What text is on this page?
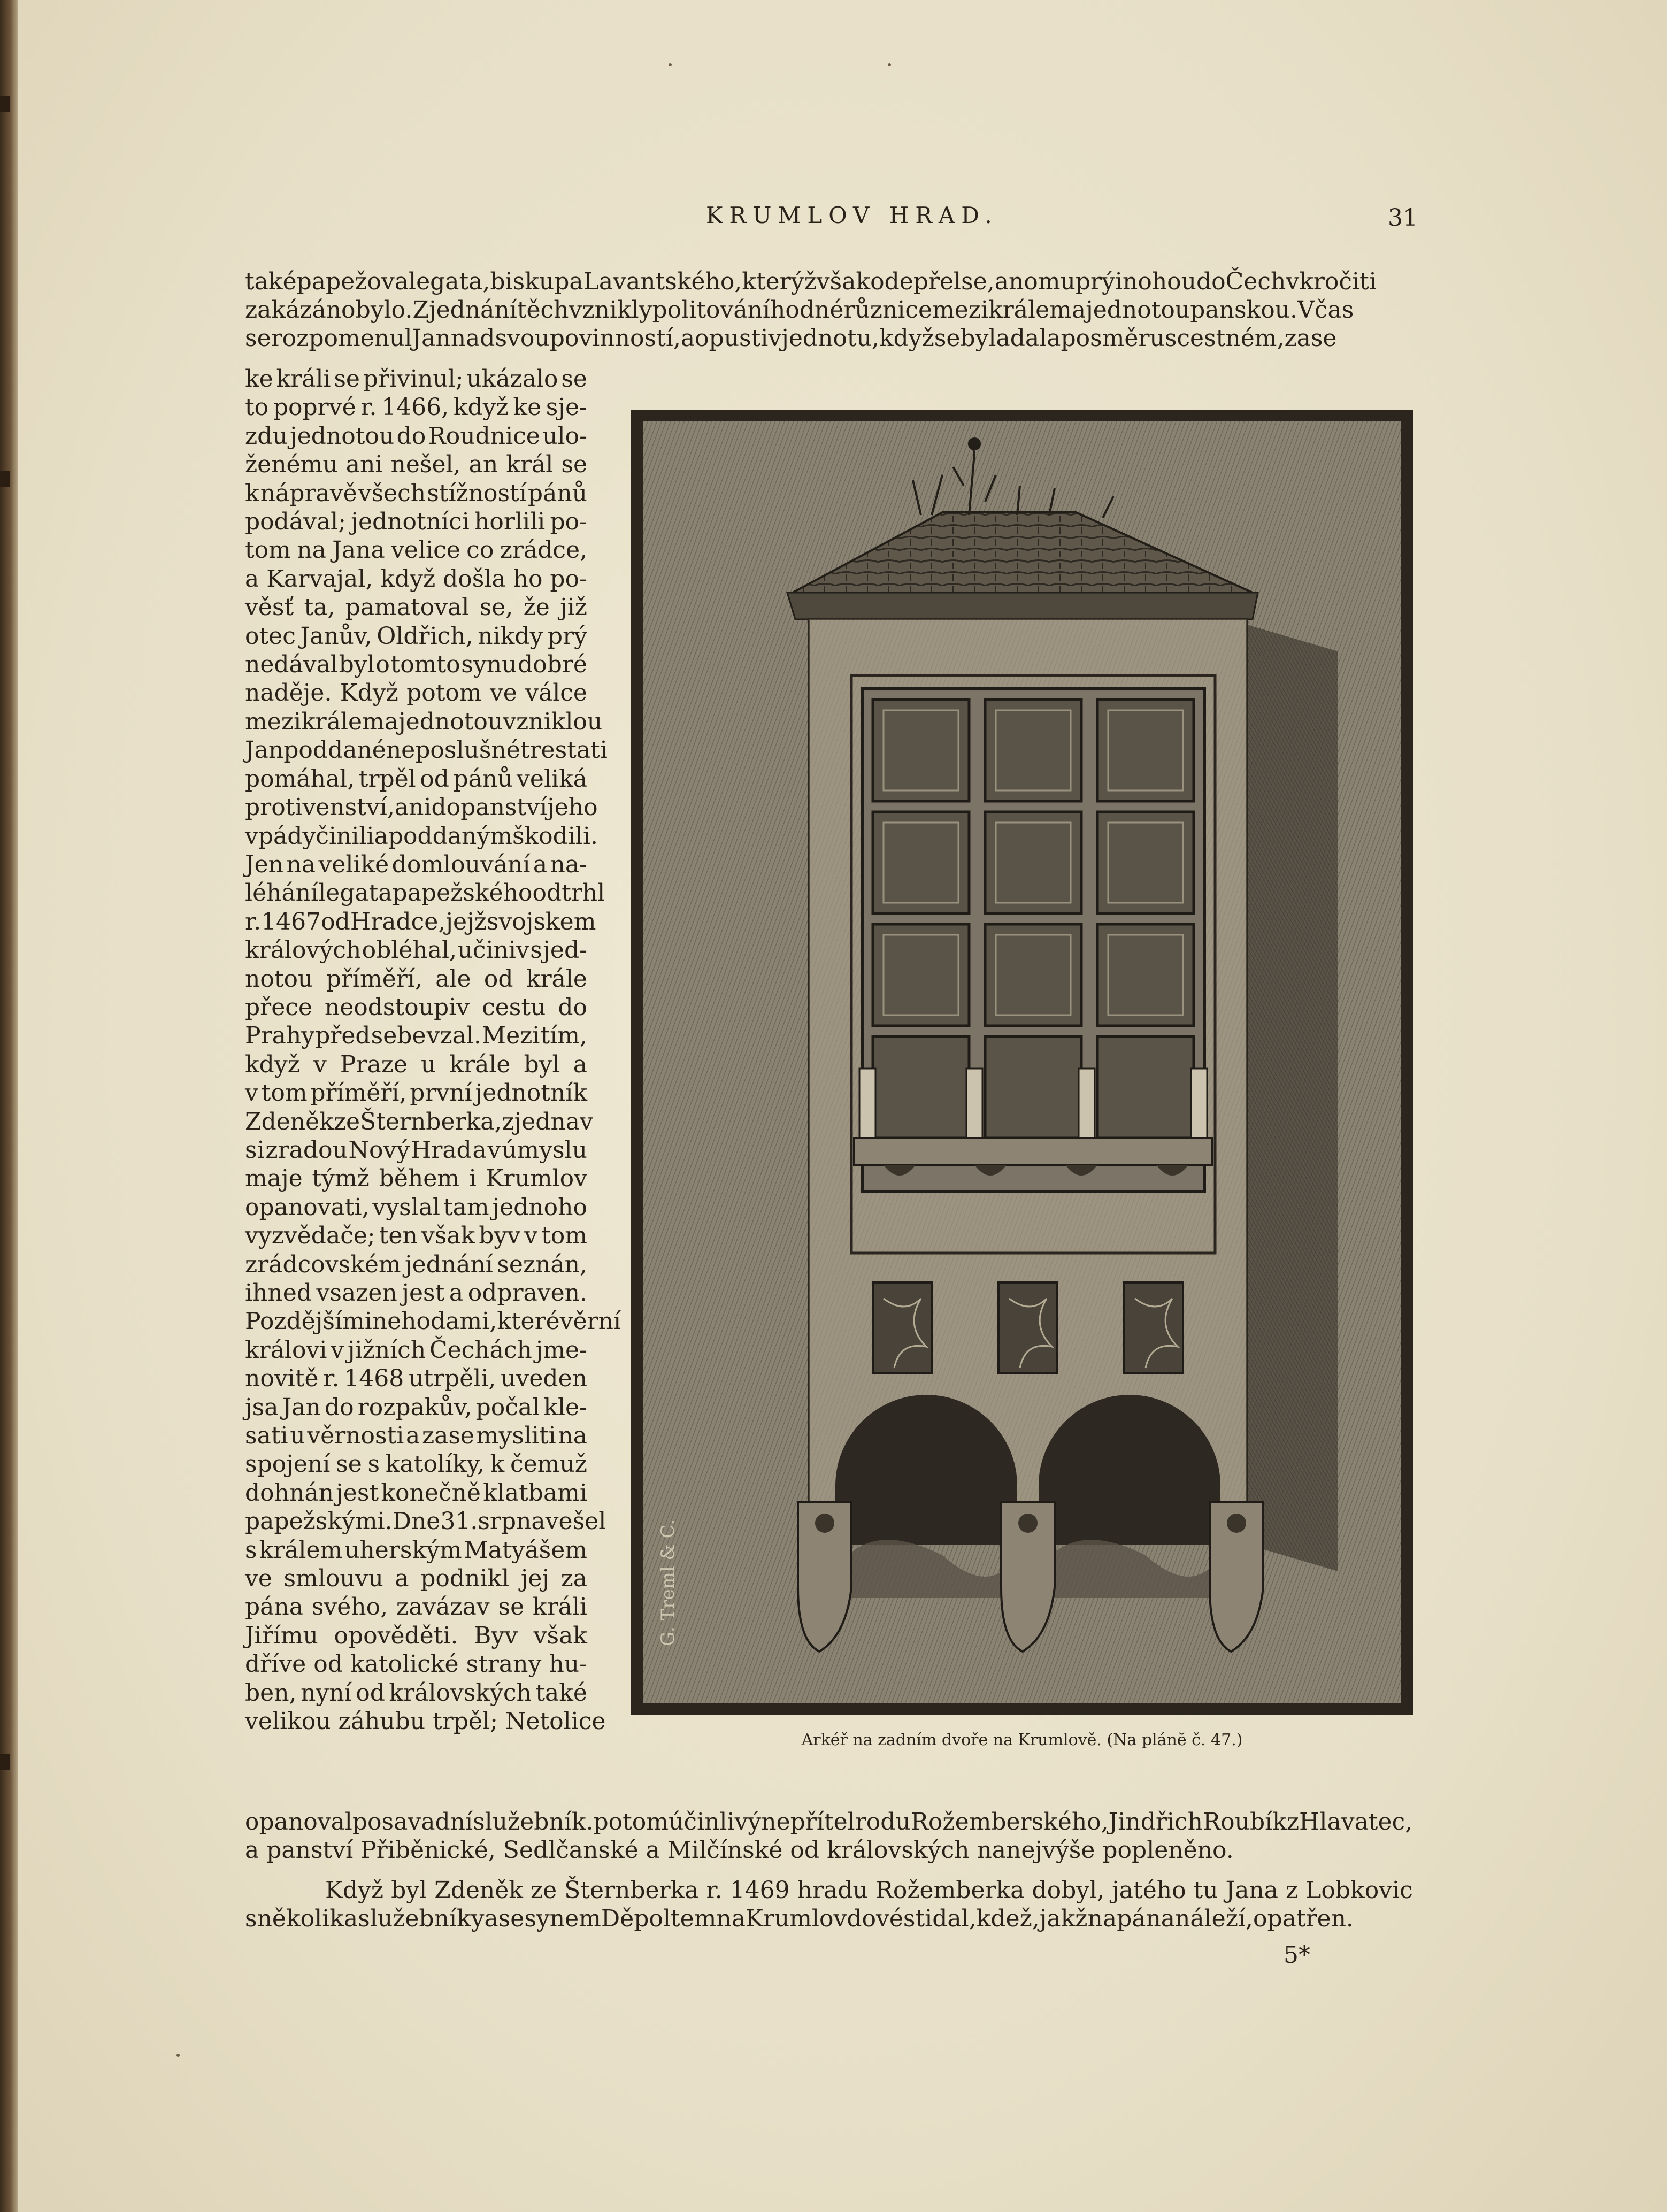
KRUMLOV HRAD.	31
taképapežovalegata,biskupaLavantského,kterýžvšakodepřelse,anomuprýinohoudoČechvkročiti
zakázánobylo.Zjednánítěchvzniklypolitováníhodnérůznicemezikrálemajednotoupanskou.Včas
serozpomenulJannadsvoupovinností,aopustivjednotu,kdyžsebyladalaposměruscestném,zase
ke králi se přivinul; ukázalo se
to poprvé r. 1466, když ke sje-
zdu jednotou do Roudnice ulo-
ženému ani nešel, an král se
k nápravě všech stížností pánů
podával; jednotníci horlili po-
tom na Jana velice co zrádce,
a Karvajal, když došla ho po-
věsť ta, pamatoval se, že již
otec Janův, Oldřich, nikdy prý
nedával byl o tomto synu dobré
naděje. Když potom ve válce
mezi králem a jednotou vzniklou
Jan poddané neposlušné trestati
pomáhal, trpěl od pánů veliká
protivenství, ani do panství jeho
vpády činili a poddaným škodili.
Jen na veliké domlouvání a na-
léhání legata papežského odtrhl
r. 1467 od Hradce, jejž s vojskem
králových obléhal, učiniv s jed-
notou příměří, ale od krále
přece neodstoupiv cestu do
Prahy před sebe vzal. Mezi tím,
když v Praze u krále byl a
v tom příměří, první jednotník
Zdeněk ze Šternberka, zjednav
si zradou Nový Hrad a v úmyslu
maje týmž během i Krumlov
opanovati, vyslal tam jednoho
vyzvědače; ten však byv v tom
zrádcovském jednání seznán,
ihned vsazen jest a odpraven.
Pozdějšími nehodami, které věrní
královi v jižních Čechách jme-
novitě r. 1468 utrpěli, uveden
jsa Jan do rozpakův, počal kle-
sati u věrnosti a zase mysliti na
spojení se s katolíky, k čemuž
dohnán jest konečně klatbami
papežskými. Dne 31. srpna vešel
s králem uherským Matyášem
ve smlouvu a podnikl jej za
pána svého, zavázav se králi
Jiřímu opověděti. Byv však
dříve od katolické strany hu-
ben, nyní od královských také
velikou záhubu trpěl; Netolice
G. Treml & C.
Arkéř na zadním dvoře na Krumlově. (Na plánĕ č. 47.)
opanovalposavadníslužebník.potomúčinlivýnepřítelroduRožemberského,JindřichRoubíkzHlavatec,
a panství Přiběnické, Sedlčanské a Milčínské od královských nanejvýše popleněno.
Když byl Zdeněk ze Šternberka r. 1469 hradu Rožemberka dobyl, jatého tu Jana z Lobkovic
sněkolikaslužebníkyasesynemDěpoltemnaKrumlovdovéstidal,kdež,jakžnapánanáleží,opatřen.
5*
